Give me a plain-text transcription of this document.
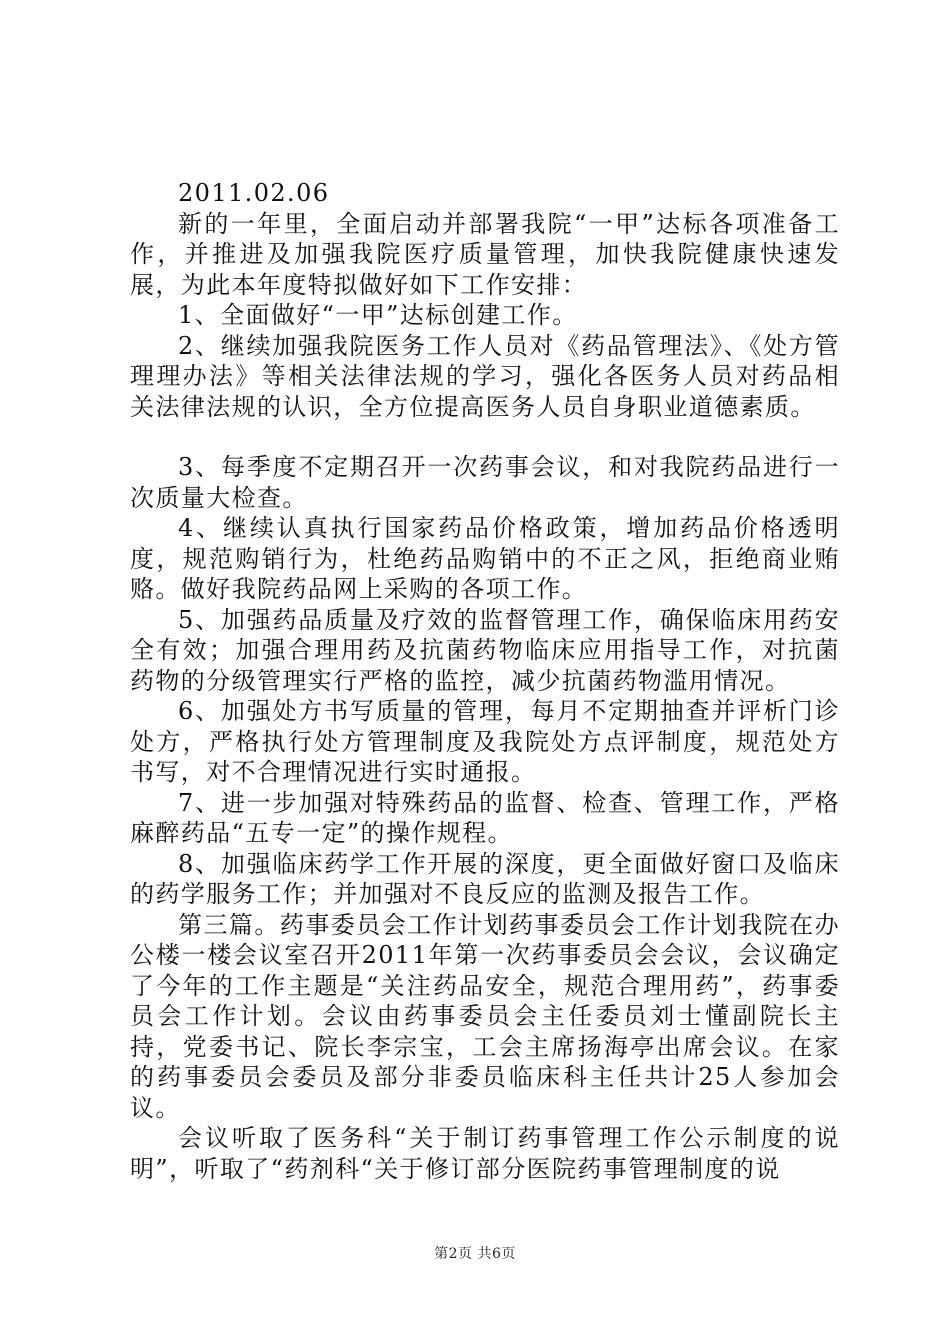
2011.02.06

新的一年里，全面启动并部署我院“一甲”达标各项准备工作，并推进及加强我院医疗质量管理，加快我院健康快速发展，为此本年度特拟做好如下工作安排：

1、全面做好“一甲”达标创建工作。

2、继续加强我院医务工作人员对《药品管理法》、《处方管理理办法》等相关法律法规的学习，强化各医务人员对药品相关法律法规的认识，全方位提高医务人员自身职业道德素质。

3、每季度不定期召开一次药事会议，和对我院药品进行一次质量大检查。

4、继续认真执行国家药品价格政策，增加药品价格透明度，规范购销行为，杜绝药品购销中的不正之风，拒绝商业贿赂。做好我院药品网上采购的各项工作。

5、加强药品质量及疗效的监督管理工作，确保临床用药安全有效；加强合理用药及抗菌药物临床应用指导工作，对抗菌药物的分级管理实行严格的监控，减少抗菌药物滥用情况。

6、加强处方书写质量的管理，每月不定期抽查并评析门诊处方，严格执行处方管理制度及我院处方点评制度，规范处方书写，对不合理情况进行实时通报。

7、进一步加强对特殊药品的监督、检查、管理工作，严格麻醉药品“五专一定”的操作规程。

8、加强临床药学工作开展的深度，更全面做好窗口及临床的药学服务工作；并加强对不良反应的监测及报告工作。

第三篇。药事委员会工作计划药事委员会工作计划我院在办公楼一楼会议室召开2011年第一次药事委员会会议，会议确定了今年的工作主题是“关注药品安全，规范合理用药”，药事委员会工作计划。会议由药事委员会主任委员刘士懂副院长主持，党委书记、院长李宗宝，工会主席扬海亭出席会议。在家的药事委员会委员及部分非委员临床科主任共计25人参加会议。

会议听取了医务科“关于制订药事管理工作公示制度的说明”，听取了“药剂科“关于修订部分医院药事管理制度的说

第2页 共6页
